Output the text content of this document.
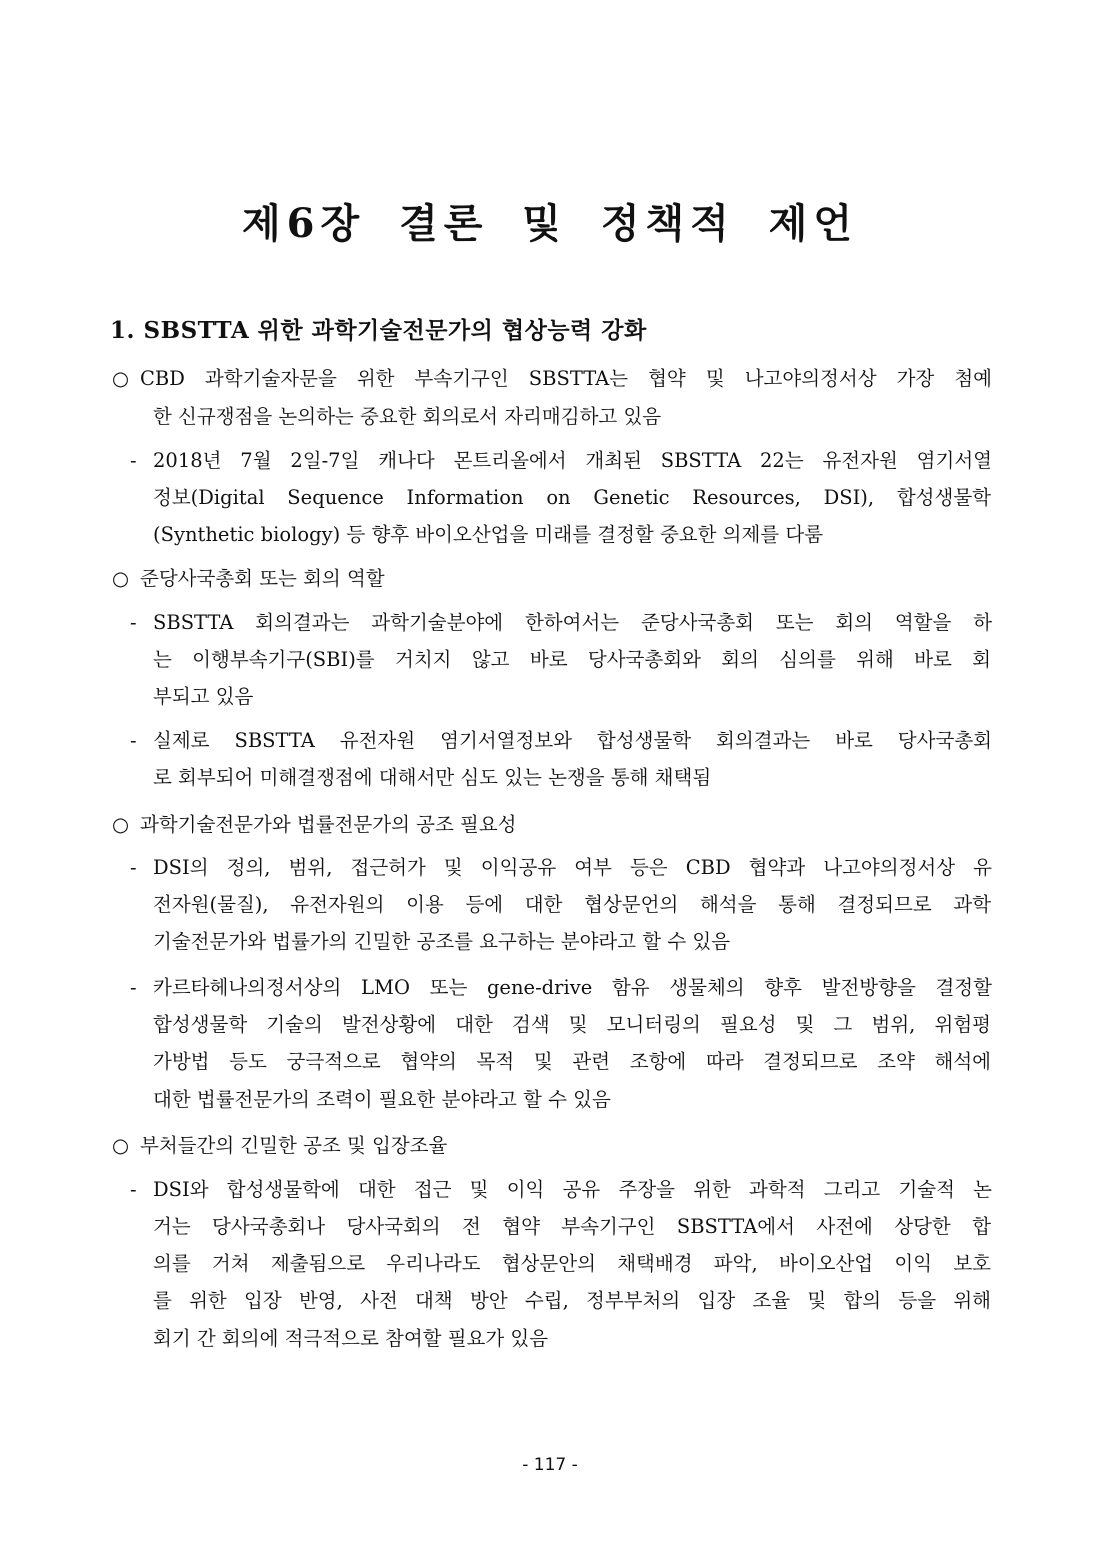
제6장 결론 및 정책적 제언
1. SBSTTA 위한 과학기술전문가의 협상능력 강화
○ CBD 과학기술자문을 위한 부속기구인 SBSTTA는 협약 및 나고야의정서상 가장 첨예
한 신규쟁점을 논의하는 중요한 회의로서 자리매김하고 있음
- 2018년 7월 2일-7일 캐나다 몬트리올에서 개최된 SBSTTA 22는 유전자원 염기서열
정보(Digital Sequence Information on Genetic Resources, DSI), 합성생물학
(Synthetic biology) 등 향후 바이오산업을 미래를 결정할 중요한 의제를 다룸
○ 준당사국총회 또는 회의 역할
- SBSTTA 회의결과는 과학기술분야에 한하여서는 준당사국총회 또는 회의 역할을 하
는 이행부속기구(SBI)를 거치지 않고 바로 당사국총회와 회의 심의를 위해 바로 회
부되고 있음
- 실제로 SBSTTA 유전자원 염기서열정보와 합성생물학 회의결과는 바로 당사국총회
로 회부되어 미해결쟁점에 대해서만 심도 있는 논쟁을 통해 채택됨
○ 과학기술전문가와 법률전문가의 공조 필요성
- DSI의 정의, 범위, 접근허가 및 이익공유 여부 등은 CBD 협약과 나고야의정서상 유
전자원(물질), 유전자원의 이용 등에 대한 협상문언의 해석을 통해 결정되므로 과학
기술전문가와 법률가의 긴밀한 공조를 요구하는 분야라고 할 수 있음
- 카르타헤나의정서상의 LMO 또는 gene-drive 함유 생물체의 향후 발전방향을 결정할
합성생물학 기술의 발전상황에 대한 검색 및 모니터링의 필요성 및 그 범위, 위험평
가방법 등도 궁극적으로 협약의 목적 및 관련 조항에 따라 결정되므로 조약 해석에
대한 법률전문가의 조력이 필요한 분야라고 할 수 있음
○ 부처들간의 긴밀한 공조 및 입장조율
- DSI와 합성생물학에 대한 접근 및 이익 공유 주장을 위한 과학적 그리고 기술적 논
거는 당사국총회나 당사국회의 전 협약 부속기구인 SBSTTA에서 사전에 상당한 합
의를 거쳐 제출됨으로 우리나라도 협상문안의 채택배경 파악, 바이오산업 이익 보호
를 위한 입장 반영, 사전 대책 방안 수립, 정부부처의 입장 조율 및 합의 등을 위해
회기 간 회의에 적극적으로 참여할 필요가 있음
- 117 -
